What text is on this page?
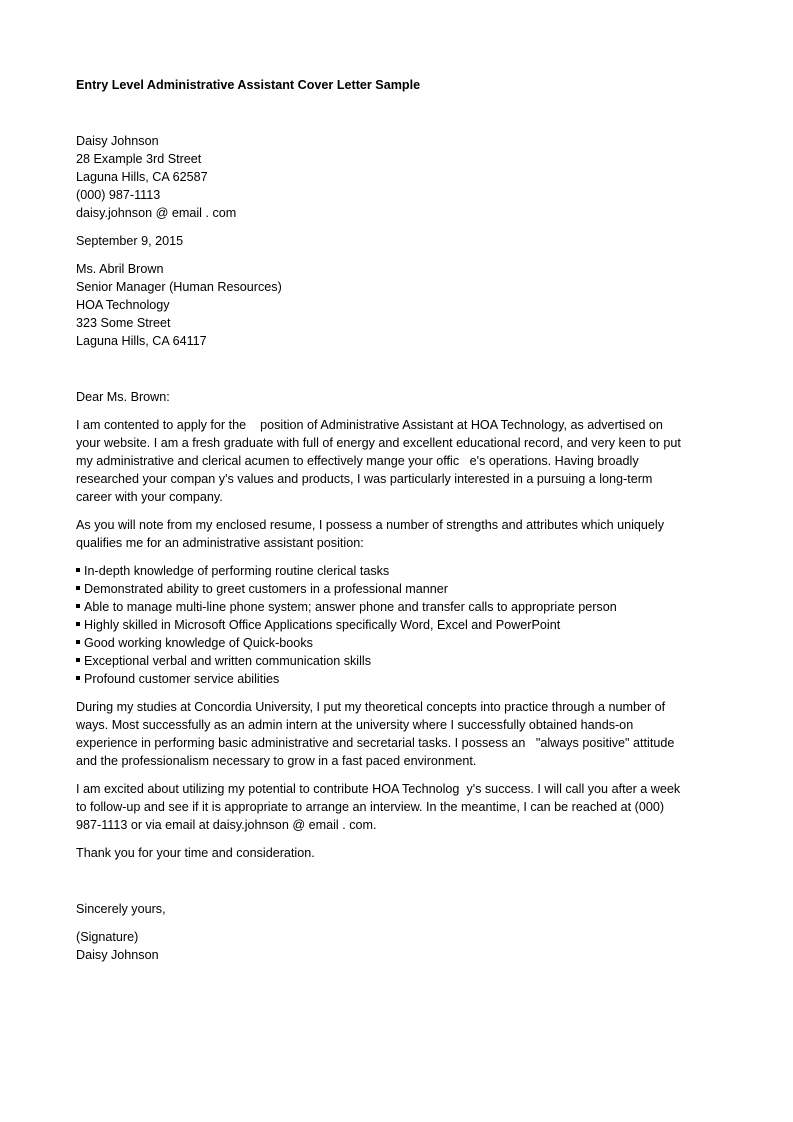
Entry Level Administrative Assistant Cover Letter Sample
Daisy Johnson
28 Example 3rd Street
Laguna Hills, CA 62587
(000) 987-1113
daisy.johnson @ email . com
September 9, 2015
Ms. Abril Brown
Senior Manager (Human Resources)
HOA Technology
323 Some Street
Laguna Hills, CA 64117
Dear Ms. Brown:
I am contented to apply for the    position of Administrative Assistant at HOA Technology, as advertised on
your website. I am a fresh graduate with full of energy and excellent educational record, and very keen to put
my administrative and clerical acumen to effectively mange your offic   e's operations. Having broadly
researched your compan y's values and products, I was particularly interested in a pursuing a long-term
career with your company.
As you will note from my enclosed resume, I possess a number of strengths and attributes which uniquely
qualifies me for an administrative assistant position:
In-depth knowledge of performing routine clerical tasks
Demonstrated ability to greet customers in a professional manner
Able to manage multi-line phone system; answer phone and transfer calls to appropriate person
Highly skilled in Microsoft Office Applications specifically Word, Excel and PowerPoint
Good working knowledge of Quick-books
Exceptional verbal and written communication skills
Profound customer service abilities
During my studies at Concordia University, I put my theoretical concepts into practice through a number of
ways. Most successfully as an admin intern at the university where I successfully obtained hands-on
experience in performing basic administrative and secretarial tasks. I possess an   "always positive" attitude
and the professionalism necessary to grow in a fast paced environment.
I am excited about utilizing my potential to contribute HOA Technolog  y's success. I will call you after a week
to follow-up and see if it is appropriate to arrange an interview. In the meantime, I can be reached at (000)
987-1113 or via email at daisy.johnson @ email . com.
Thank you for your time and consideration.
Sincerely yours,
(Signature)
Daisy Johnson
